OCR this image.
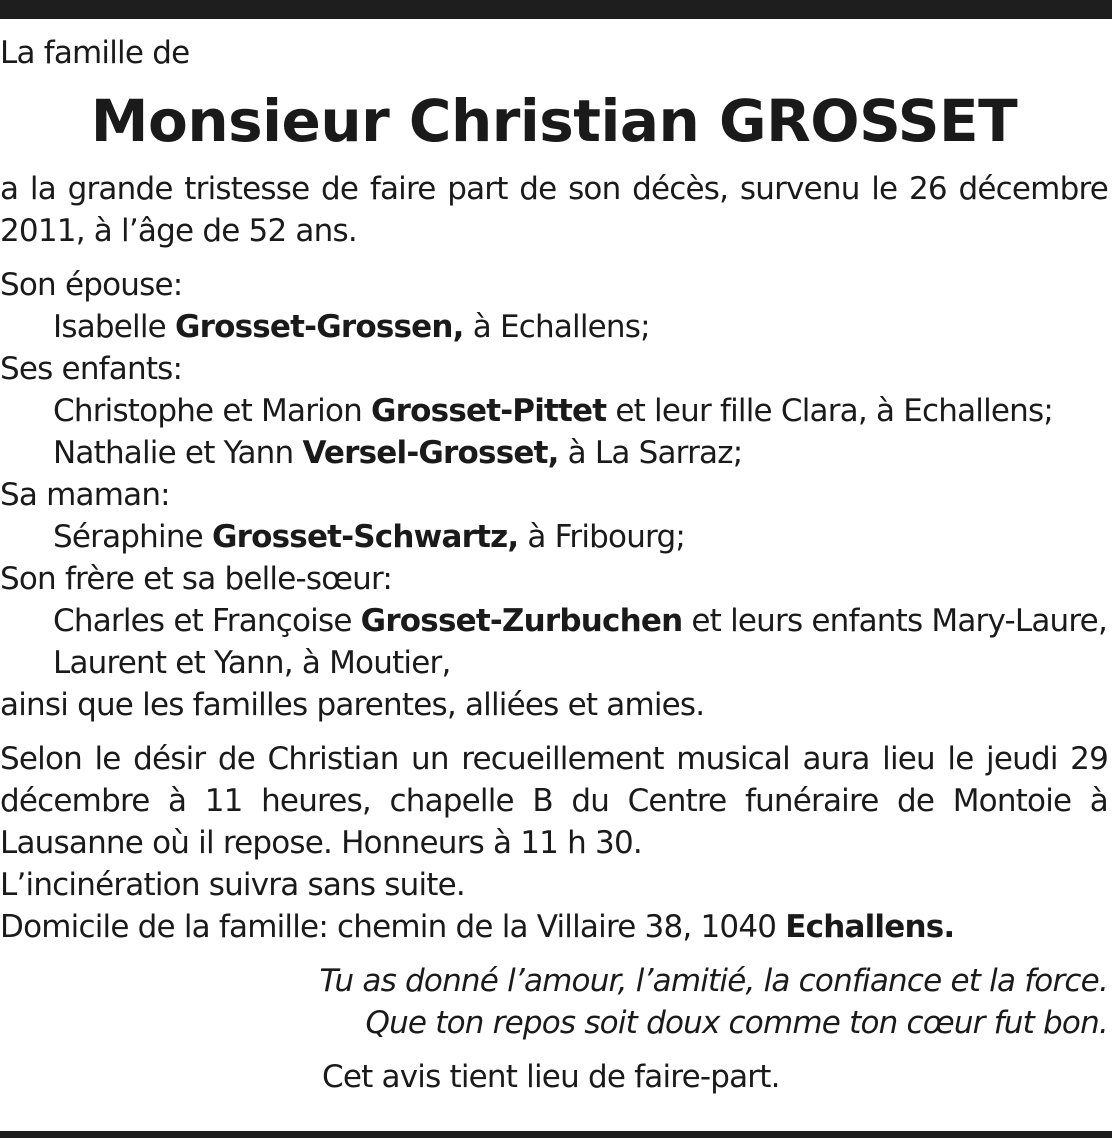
La famille de

Monsieur Christian GROSSET

a la grande tristesse de faire part de son décès, survenu le 26 décembre 2011, à l’âge de 52 ans.

Son épouse:

Isabelle Grosset-Grossen, à Echallens;

Ses enfants:

Christophe et Marion Grosset-Pittet et leur fille Clara, à Echallens;

Nathalie et Yann Versel-Grosset, à La Sarraz;

Sa maman:

Séraphine Grosset-Schwartz, à Fribourg;

Son frère et sa belle-sœur:

Charles et Françoise Grosset-Zurbuchen et leurs enfants Mary-Laure,

Laurent et Yann, à Moutier,

ainsi que les familles parentes, alliées et amies.

Selon le désir de Christian un recueillement musical aura lieu le jeudi 29 décembre à 11 heures, chapelle B du Centre funéraire de Montoie à Lausanne où il repose. Honneurs à 11 h 30.

L’incinération suivra sans suite.

Domicile de la famille: chemin de la Villaire 38, 1040 Echallens.

Tu as donné l’amour, l’amitié, la confiance et la force.

Que ton repos soit doux comme ton cœur fut bon.

Cet avis tient lieu de faire-part.
